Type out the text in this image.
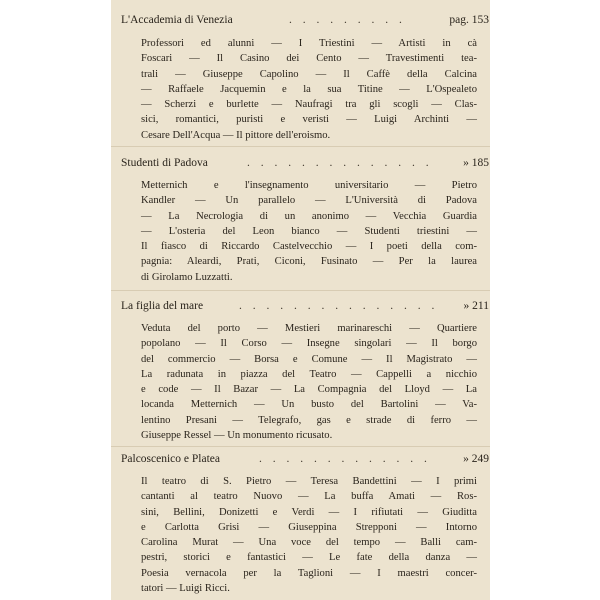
L'Accademia di Venezia	. . . . . . . . .	pag. 153
Professori ed alunni — I Triestini — Artisti in cà
Foscari — Il Casino dei Cento — Travestimenti tea-
trali — Giuseppe Capolino — Il Caffè della Calcina
— Raffaele Jacquemin e la sua Titine — L'Ospealeto
— Scherzi e burlette — Naufragi tra gli scogli — Clas-
sici, romantici, puristi e veristi — Luigi Archinti —
Cesare Dell'Acqua — Il pittore dell'eroismo.
Studenti di Padova	. . . . . . . . . . . . . .	» 185
Metternich e l'insegnamento universitario — Pietro
Kandler — Un parallelo — L'Università di Padova
— La Necrologia di un anonimo — Vecchia Guardia
— L'osteria del Leon bianco — Studenti triestini —
Il fiasco di Riccardo Castelvecchio — I poeti della com-
pagnia: Aleardi, Prati, Ciconi, Fusinato — Per la laurea
di Girolamo Luzzatti.
La figlia del mare	. . . . . . . . . . . . . . . » 211
Veduta del porto — Mestieri marinareschi — Quartiere
popolano — Il Corso — Insegne singolari — Il borgo
del commercio — Borsa e Comune — Il Magistrato —
La radunata in piazza del Teatro — Cappelli a nicchio
e code — Il Bazar — La Compagnia del Lloyd — La
locanda Metternich — Un busto del Bartolini — Va-
lentino Presani — Telegrafo, gas e strade di ferro —
Giuseppe Ressel — Un monumento ricusato.
Palcoscenico e Platea	. . . . . . . . . . . . .	» 249
Il teatro di S. Pietro — Teresa Bandettini — I primi
cantanti al teatro Nuovo — La buffa Amati — Ros-
sini, Bellini, Donizetti e Verdi — I rifiutati — Giuditta
e Carlotta Grisi — Giuseppina Strepponi — Intorno
Carolina Murat — Una voce del tempo — Balli cam-
pestri, storici e fantastici — Le fate della danza —
Poesia vernacola per la Taglioni — I maestri concer-
tatori — Luigi Ricci.
